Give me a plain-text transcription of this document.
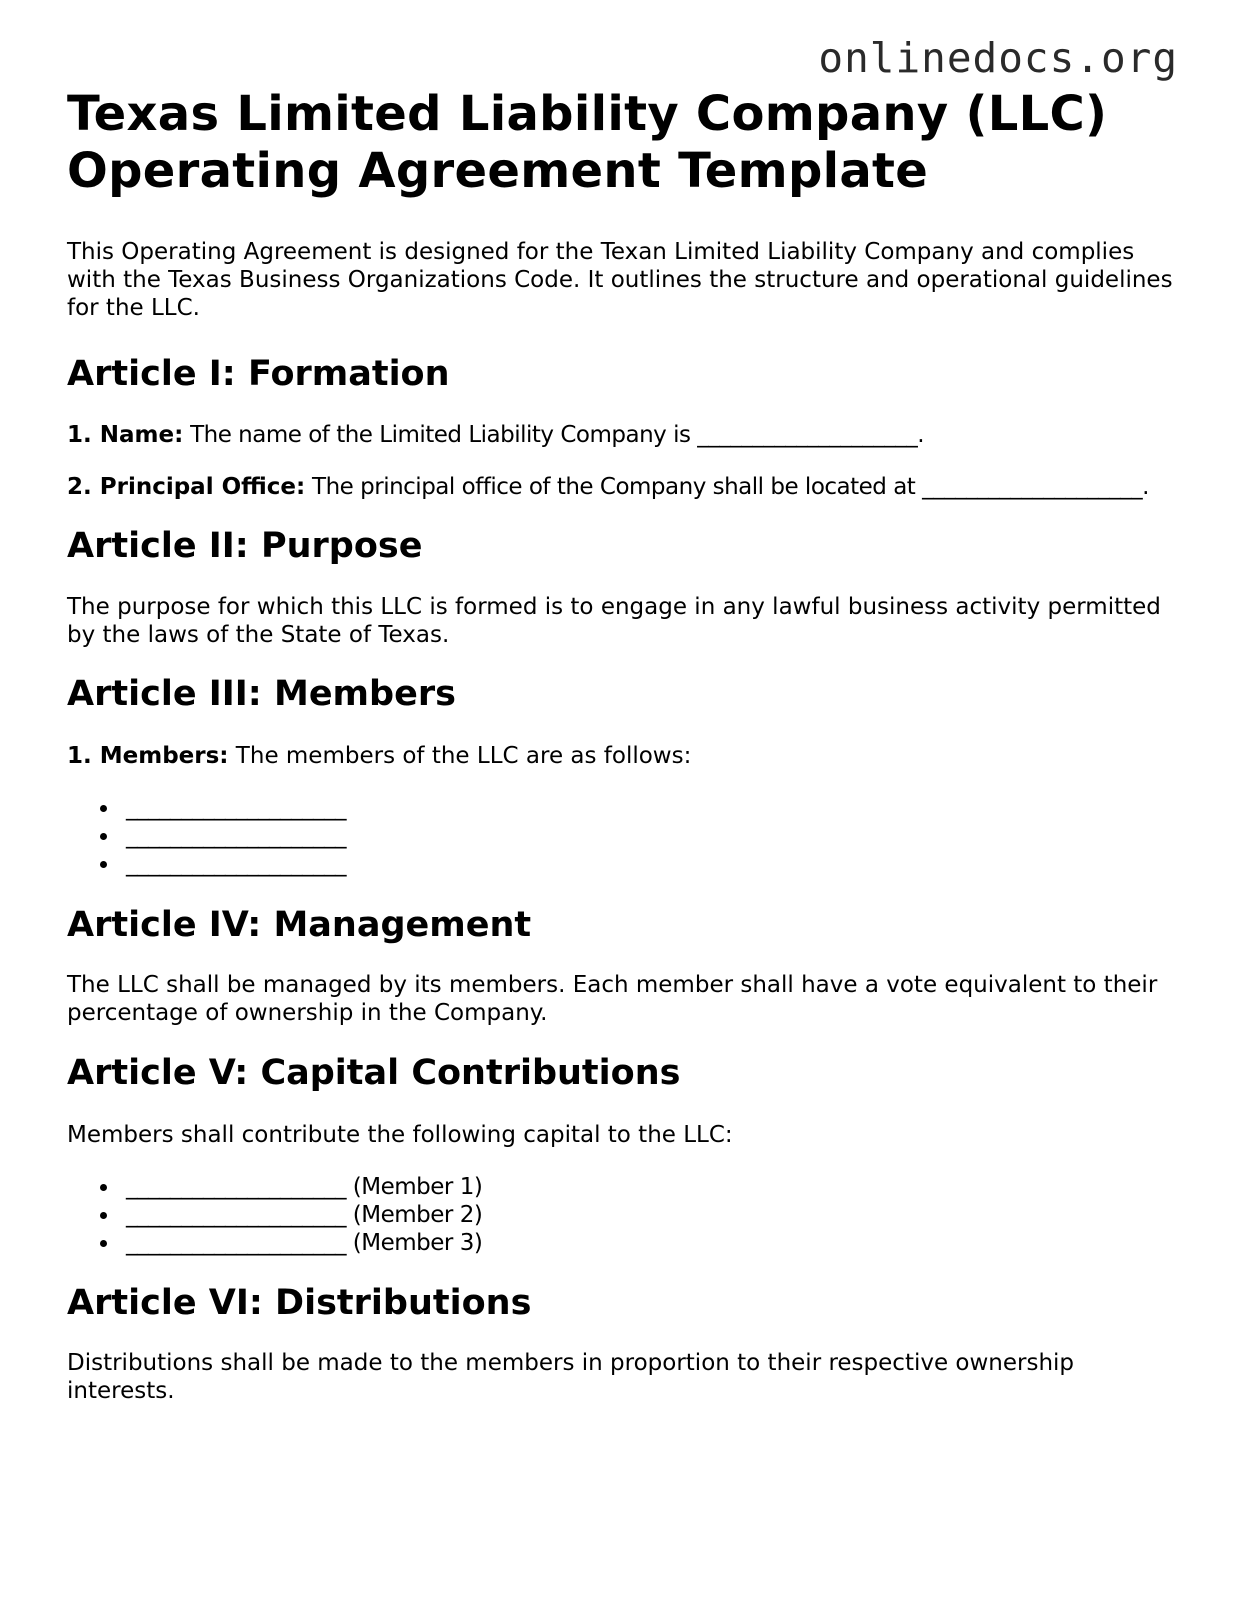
onlinedocs.org
Texas Limited Liability Company (LLC)
Operating Agreement Template

This Operating Agreement is designed for the Texan Limited Liability Company and complies with the Texas Business Organizations Code. It outlines the structure and operational guidelines for the LLC.

Article I: Formation

1. Name: The name of the Limited Liability Company is ____________________.

2. Principal Office: The principal office of the Company shall be located at ____________________.

Article II: Purpose

The purpose for which this LLC is formed is to engage in any lawful business activity permitted by the laws of the State of Texas.

Article III: Members

1. Members: The members of the LLC are as follows:

____________________
____________________
____________________
Article IV: Management

The LLC shall be managed by its members. Each member shall have a vote equivalent to their percentage of ownership in the Company.

Article V: Capital Contributions

Members shall contribute the following capital to the LLC:

____________________ (Member 1)
____________________ (Member 2)
____________________ (Member 3)
Article VI: Distributions

Distributions shall be made to the members in proportion to their respective ownership interests.
